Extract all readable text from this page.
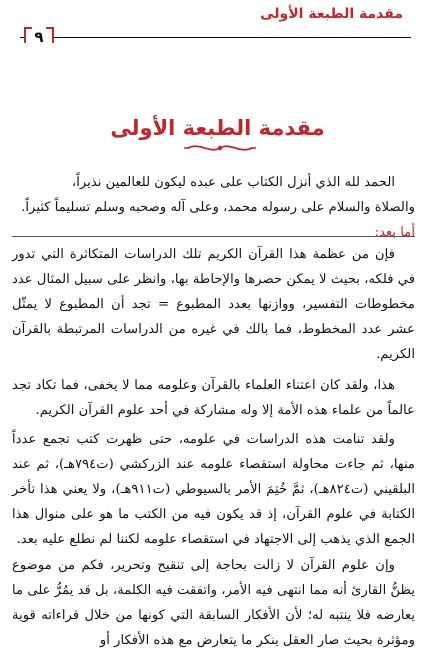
مقدمة الطبعة الأولى
٩
مقدمة الطبعة الأولى
الحمد لله الذي أنزل الكتاب على عبده ليكون للعالمين نذيراً،
والصلاة والسلام على رسوله محمد، وعلى آله وصحبه وسلم تسليماً كثيراً.
أما بعد:
فإن من عظمة هذا القرآن الكريم تلك الدراسات المتكاثرة التي تدور في فلكه، بحيث لا يمكن حصرها والإحاطة بها، وانظر على سبيل المثال عدد مخطوطات التفسير، ووازنها بعدد المطبوع = تجد أن المطبوع لا يمثّل عشر عدد المخطوط، فما بالك في غيره من الدراسات المرتبطة بالقرآن الكريم.
هذا، ولقد كان اعتناء العلماء بالقرآن وعلومه مما لا يخفى، فما تكاد تجد عالماً من علماء هذه الأمة إلا وله مشاركة في أحد علوم القرآن الكريم.
ولقد تنامت هذه الدراسات في علومه، حتى ظهرت كتب تجمع عدداً منها، ثم جاءت محاولة استقصاء علومه عند الزركشي (ت٧٩٤هـ)، ثم عند البلقيني (ت٨٢٤هـ)، ثمَّ خُتِمَ الأمر بالسيوطي (ت٩١١هـ)، ولا يعني هذا تأخر الكتابة في علوم القرآن، إذ قد يكون فيه من الكتب ما هو على منوال هذا الجمع الذي يذهب إلى الاجتهاد في استقصاء علومه لكننا لم نطلع عليه بعد.
وإن علوم القرآن لا زالت بحاجة إلى تنقيح وتحرير، فكم من موضوع يظنُّ القارئ أنه مما انتهى فيه الأمر، واتفقت فيه الكلمة، بل قد يمُرُّ على ما يعارضه فلا ينتبه له؛ لأن الأفكار السابقة التي كونها من خلال قراءاته قوية ومؤثرة بحيث صار العقل ينكر ما يتعارض مع هذه الأفكار أو
